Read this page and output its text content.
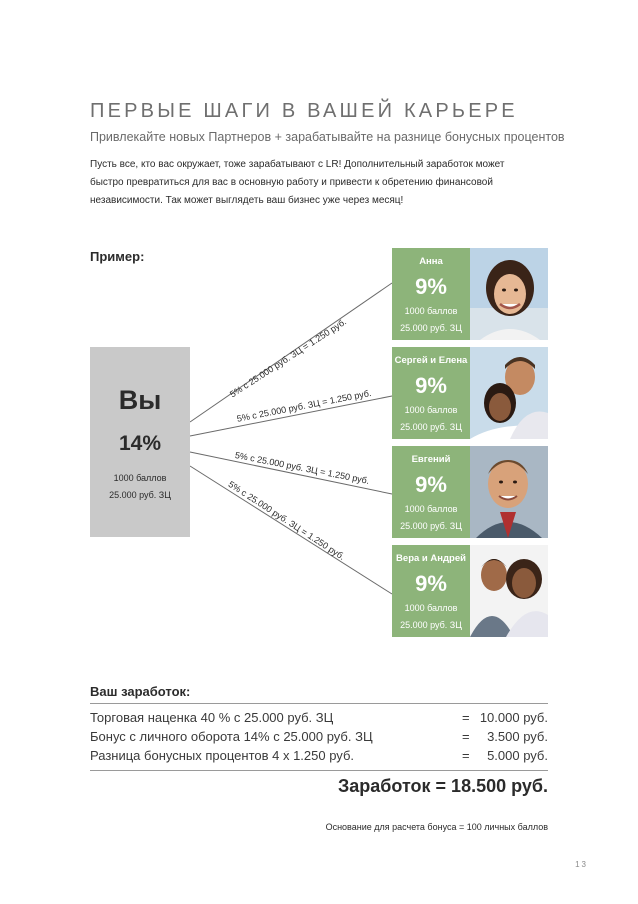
ПЕРВЫЕ ШАГИ В ВАШЕЙ КАРЬЕРЕ
Привлекайте новых Партнеров + зарабатывайте на разнице бонусных процентов
Пусть все, кто вас окружает, тоже зарабатывают с LR! Дополнительный заработок может быстро превратиться для вас в основную работу и привести к обретению финансовой независимости. Так может выглядеть ваш бизнес уже через месяц!
Пример:
5% с 25.000 руб. ЗЦ = 1.250 руб.
5% с 25.000 руб. ЗЦ = 1.250 руб.
5% с 25.000 руб. ЗЦ = 1.250 руб.
5% с 25.000 руб. ЗЦ = 1.250 руб.
Вы
14%
1000 баллов
25.000 руб. ЗЦ
Анна
9%
1000 баллов
25.000 руб. ЗЦ
Сергей и Елена
9%
1000 баллов
25.000 руб. ЗЦ
Евгений
9%
1000 баллов
25.000 руб. ЗЦ
Вера и Андрей
9%
1000 баллов
25.000 руб. ЗЦ
Ваш заработок:
Торговая наценка 40 % с 25.000 руб. ЗЦ	= 10.000 руб.
Бонус с личного оборота 14% с 25.000 руб. ЗЦ	= 3.500 руб.
Разница бонусных процентов 4 х 1.250 руб.	= 5.000 руб.
Заработок = 18.500 руб.
Основание для расчета бонуса = 100 личных баллов
13
